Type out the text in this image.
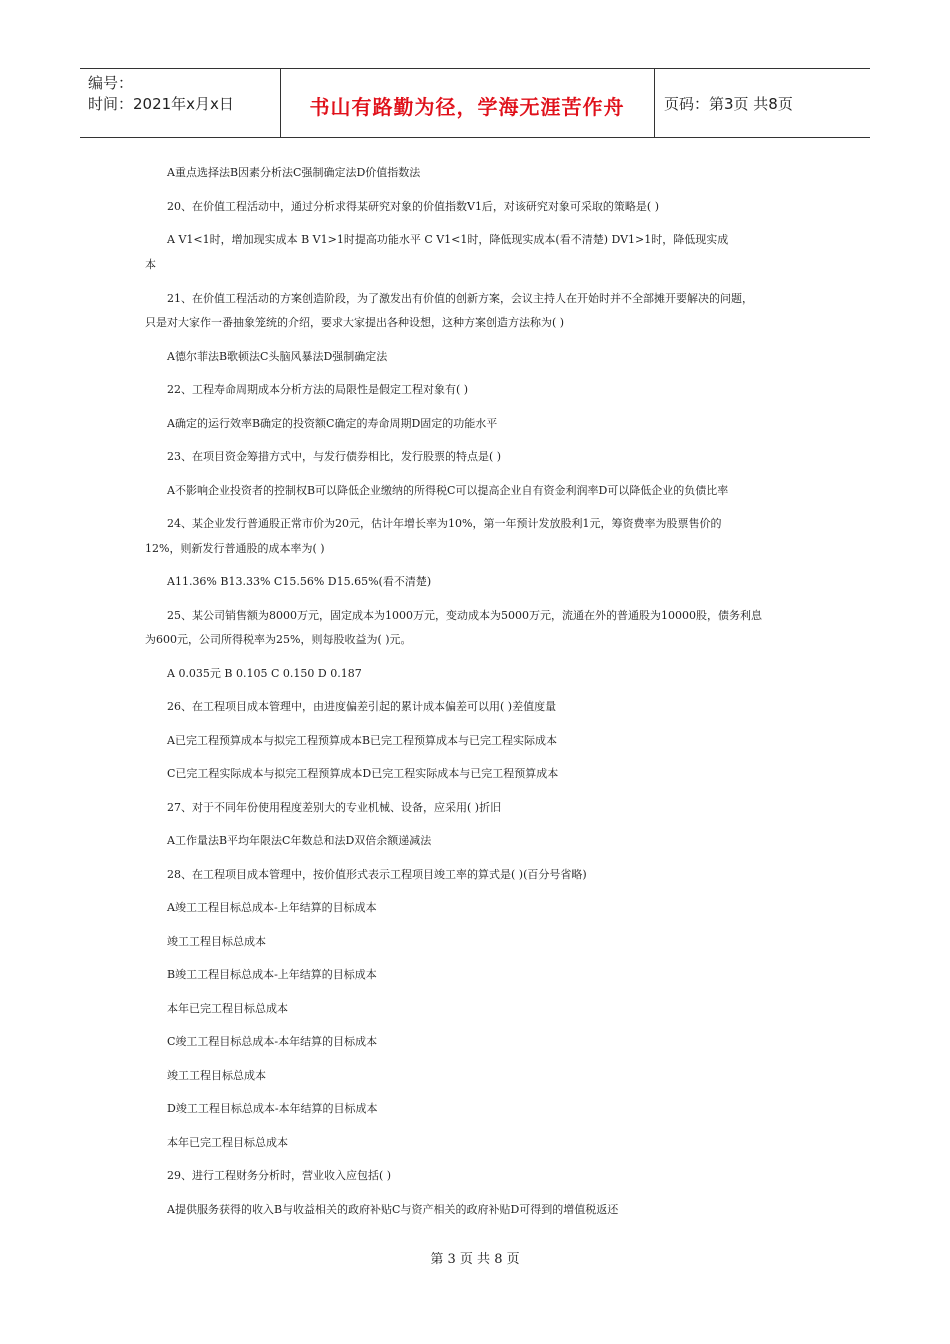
编号：
时间：2021年x月x日	书山有路勤为径，学海无涯苦作舟	页码：第3页 共8页
A重点选择法B因素分析法C强制确定法D价值指数法
20、在价值工程活动中，通过分析求得某研究对象的价值指数V1后，对该研究对象可采取的策略是( )
A V1<1时，增加现实成本 B V1>1时提高功能水平 C V1<1时，降低现实成本(看不清楚) DV1>1时，降低现实成
本
21、在价值工程活动的方案创造阶段，为了激发出有价值的创新方案，会议主持人在开始时并不全部摊开要解决的问题，
只是对大家作一番抽象笼统的介绍，要求大家提出各种设想，这种方案创造方法称为( )
A德尔菲法B歌顿法C头脑风暴法D强制确定法
22、工程寿命周期成本分析方法的局限性是假定工程对象有( )
A确定的运行效率B确定的投资额C确定的寿命周期D固定的功能水平
23、在项目资金筹措方式中，与发行债券相比，发行股票的特点是( )
A不影响企业投资者的控制权B可以降低企业缴纳的所得税C可以提高企业自有资金利润率D可以降低企业的负债比率
24、某企业发行普通股正常市价为20元，估计年增长率为10%，第一年预计发放股利1元，筹资费率为股票售价的
12%，则新发行普通股的成本率为( )
A11.36% B13.33% C15.56% D15.65%(看不清楚)
25、某公司销售额为8000万元，固定成本为1000万元，变动成本为5000万元，流通在外的普通股为10000股，债务利息
为600元，公司所得税率为25%，则每股收益为( )元。
A 0.035元 B 0.105 C 0.150 D 0.187
26、在工程项目成本管理中，由进度偏差引起的累计成本偏差可以用( )差值度量
A已完工程预算成本与拟完工程预算成本B已完工程预算成本与已完工程实际成本
C已完工程实际成本与拟完工程预算成本D已完工程实际成本与已完工程预算成本
27、对于不同年份使用程度差别大的专业机械、设备，应采用( )折旧
A工作量法B平均年限法C年数总和法D双倍余额递减法
28、在工程项目成本管理中，按价值形式表示工程项目竣工率的算式是( )(百分号省略)
A竣工工程目标总成本-上年结算的目标成本
竣工工程目标总成本
B竣工工程目标总成本-上年结算的目标成本
本年已完工程目标总成本
C竣工工程目标总成本-本年结算的目标成本
竣工工程目标总成本
D竣工工程目标总成本-本年结算的目标成本
本年已完工程目标总成本
29、进行工程财务分析时，营业收入应包括( )
A提供服务获得的收入B与收益相关的政府补贴C与资产相关的政府补贴D可得到的增值税返还
第 3 页 共 8 页
